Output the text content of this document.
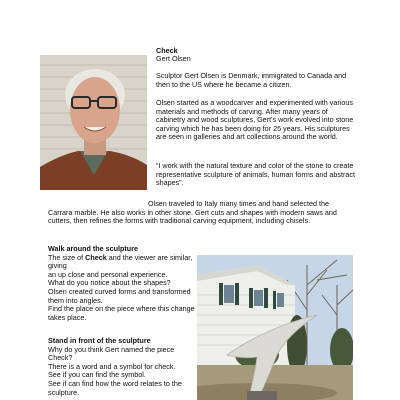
Check
Gert Olsen

Sculptor Gert Olsen is Denmark, immigrated to Canada and then to the US where he became a citizen.

Olsen started as a woodcarver and experimented with various materials and methods of carving. After many years of cabinetry and wood sculptures, Gert’s work evolved into stone carving which he has been doing for 25 years. His sculptures are seen in galleries and art collections around the world.

“I work with the natural texture and color of the stone to create representative sculpture of animals, human forms and abstract shapes”.

Olsen traveled to Italy many times and hand selected the
Carrara marble. He also works in other stone. Gert cuts and shapes with modern saws and cutters, then refines the forms with traditional carving equipment, including chisels.
Walk around the sculpture
The size of Check and the viewer are similar, giving
an up close and personal experience.
What do you notice about the shapes?
Olsen created curved forms and transformed them into angles.
Find the place on the piece where this change takes place.
Stand in front of the sculpture
Why do you think Gert named the piece Check?
There is a word and a symbol for check.
See if you can find the symbol.
See if can find how the word relates to the sculpture.
